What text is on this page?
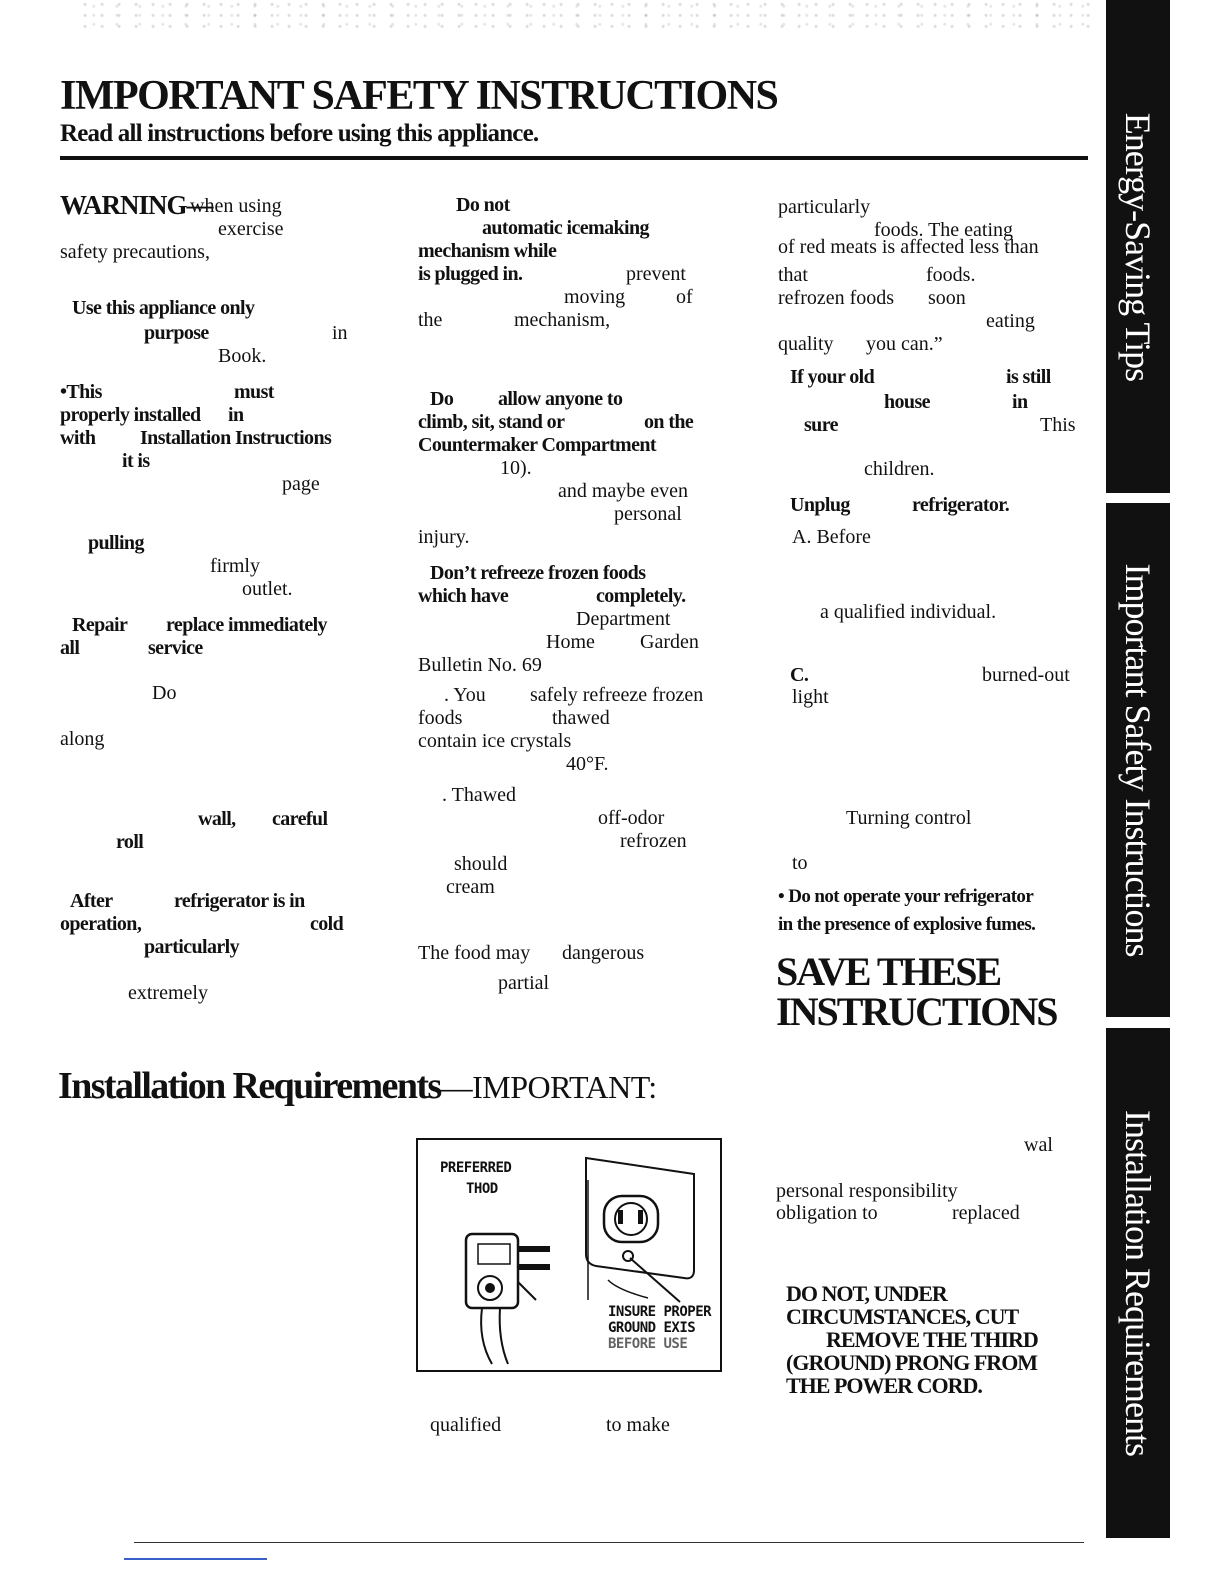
IMPORTANT SAFETY INSTRUCTIONS
Read all instructions before using this appliance.
WARNING—
when using
exercise
safety precautions,
Use this appliance only
purpose	in
Book.
•This	must
properly installed in
with Installation Instructions
it is
page
pulling
firmly
outlet.
Repair replace immediately
all	service
Do
along
wall, careful
roll
After	refrigerator is in
operation,	cold
particularly
extremely
Do not
automatic icemaking
mechanism while
is plugged in.	prevent
moving	of
the	mechanism,
Do allow anyone to
climb, sit, stand or	on the
Countermaker Compartment
10).
and maybe even
personal
injury.
Don’t refreeze frozen foods
which have	completely.
Department
Home Garden
Bulletin No. 69
. You safely refreeze frozen
foods	thawed
contain ice crystals
40°F.
. Thawed
off-odor
refrozen
should
cream
The food may dangerous
partial
particularly
foods. The eating
of red meats is affected less than
that	foods.
refrozen foods soon
eating
quality you can.”
If your old	is still
house	in
sure	This
children.
Unplug	refrigerator.
A. Before
a qualified individual.
C.	burned-out
light
Turning control
to
• Do not operate your refrigerator
in the presence of explosive fumes.
SAVE THESE
INSTRUCTIONS
Installation Requirements—IMPORTANT:
PREFERRED
THOD
INSURE PROPER
GROUND EXIS
BEFORE USE
wal
personal responsibility
obligation to	replaced
DO NOT, UNDER
CIRCUMSTANCES, CUT
REMOVE THE THIRD
(GROUND) PRONG FROM
THE POWER CORD.
qualified	to make
Energy-Saving Tips
Important Safety Instructions
Installation Requirements
